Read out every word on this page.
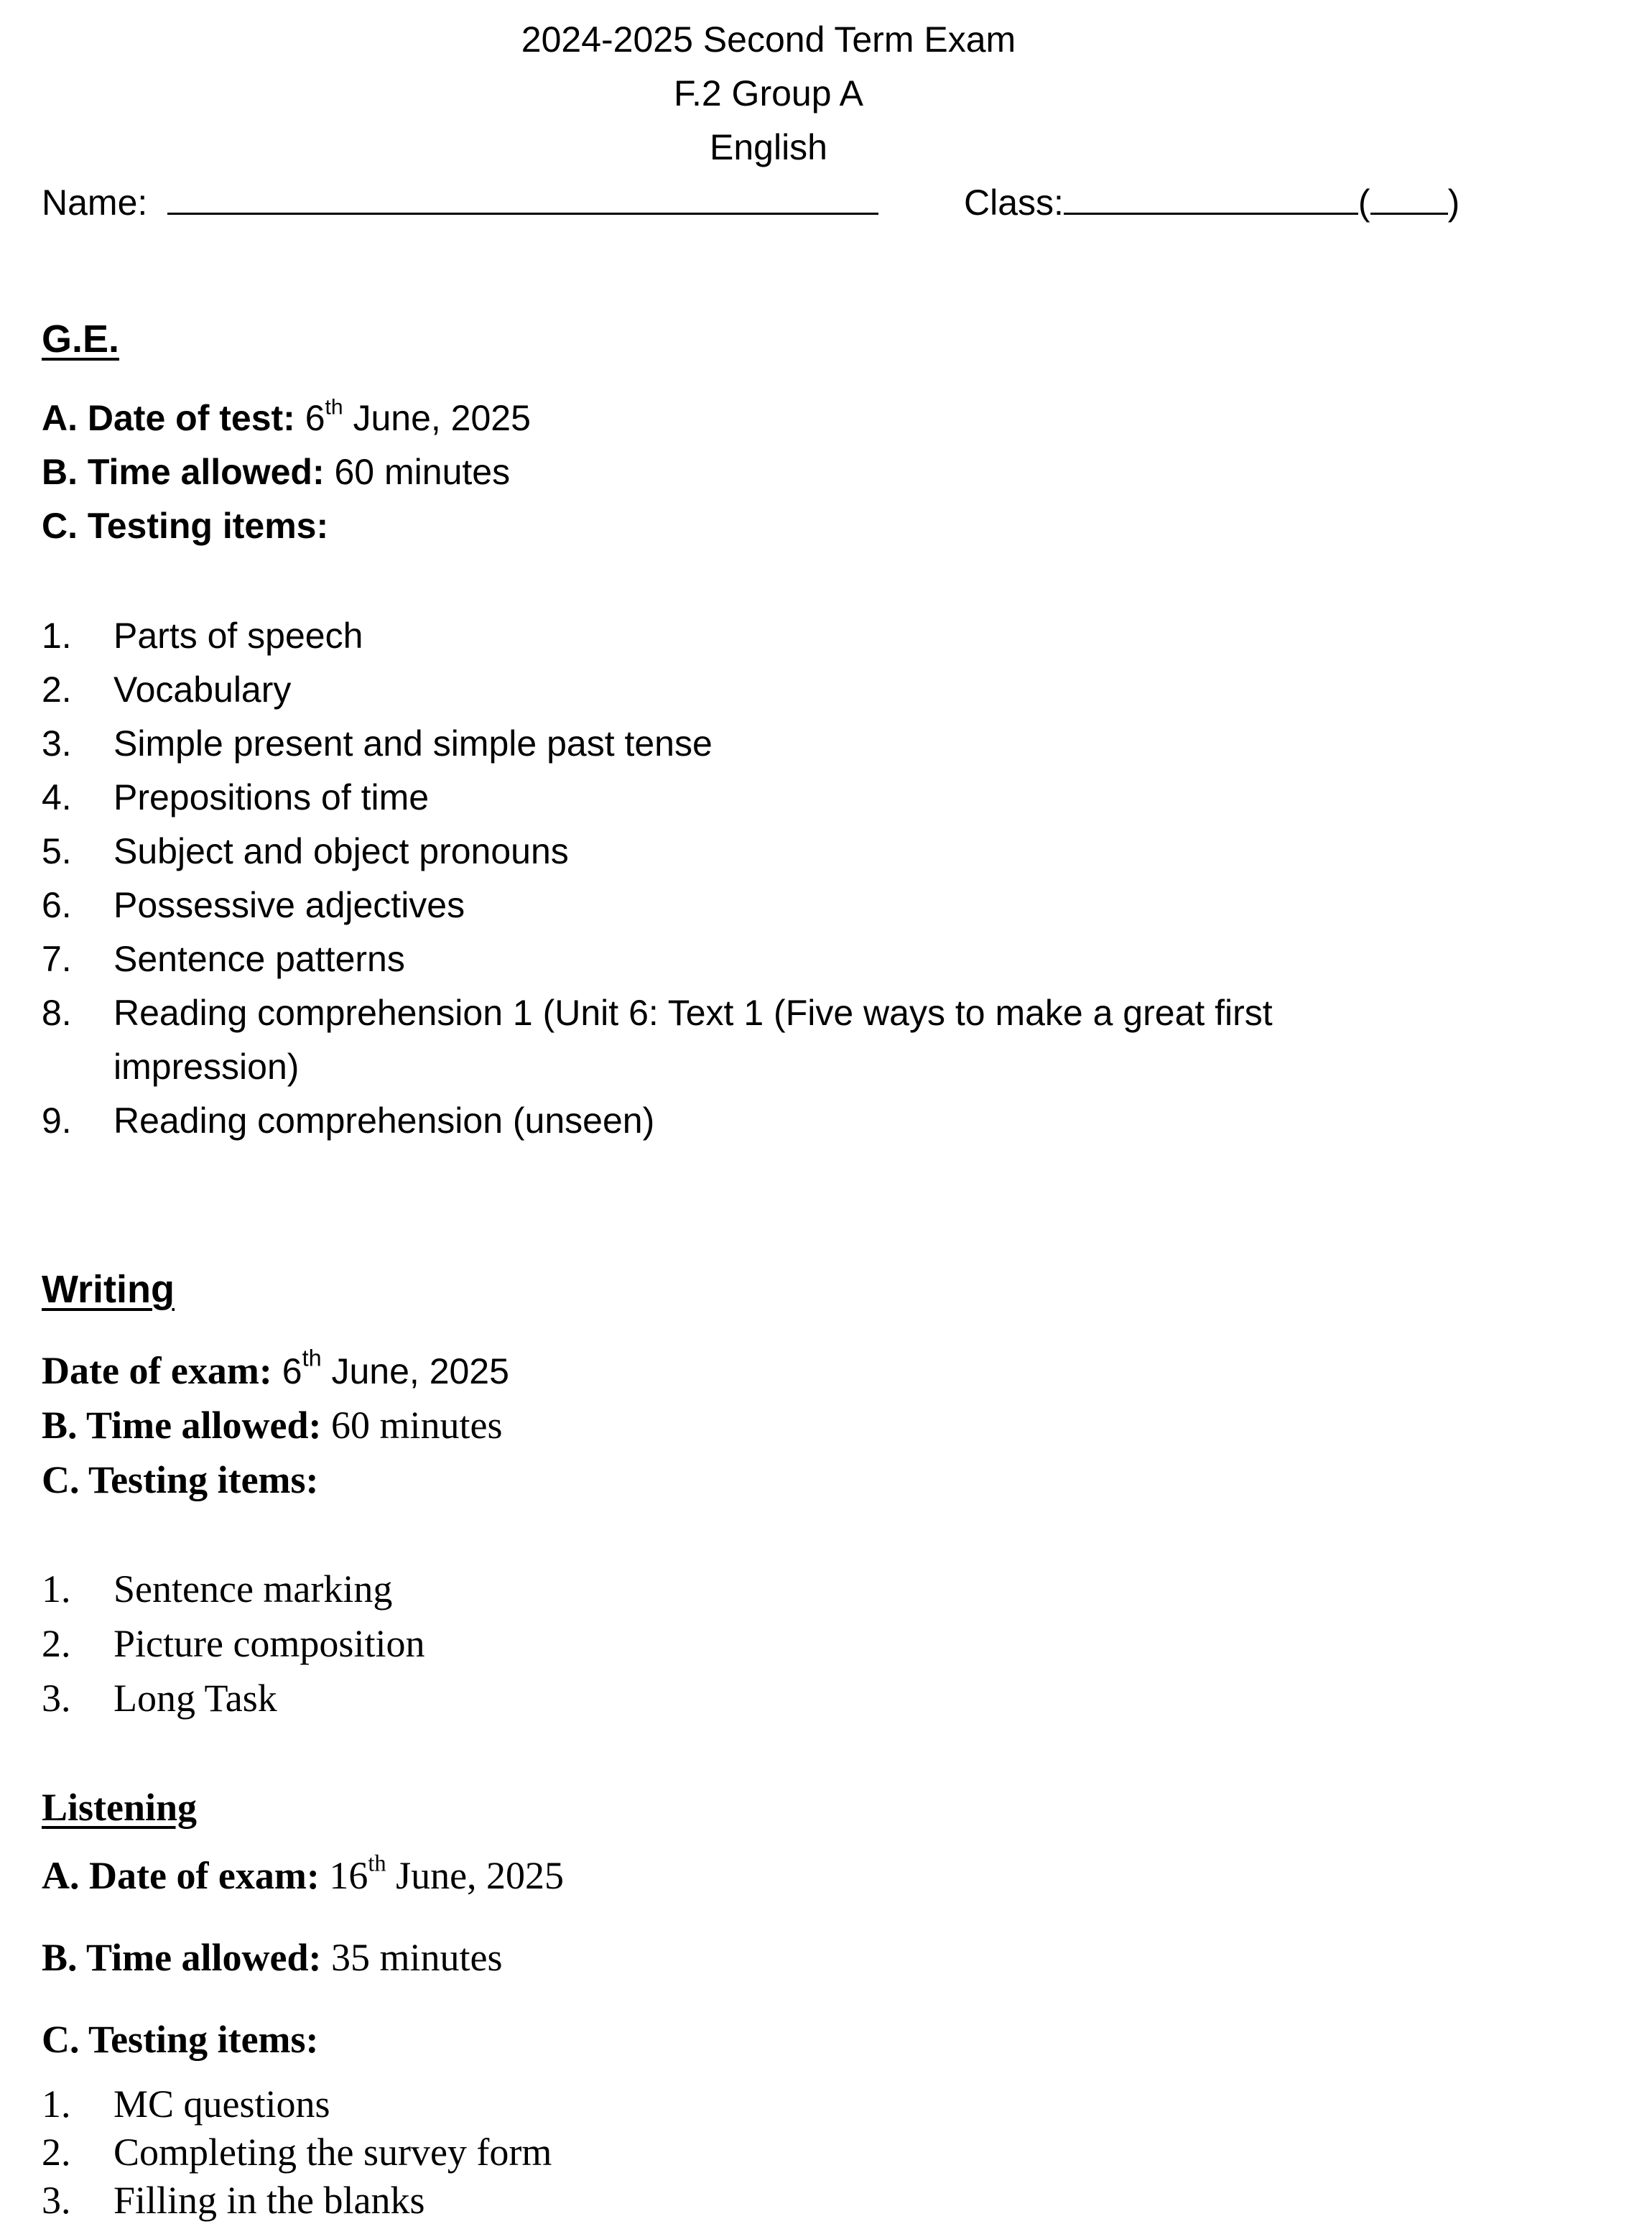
2024-2025 Second Term Exam
F.2 Group A
English
Name:	Class:	( )
G.E.
A. Date of test: 6th June, 2025
B. Time allowed: 60 minutes
C. Testing items:
1.	Parts of speech
2.	Vocabulary
3.	Simple present and simple past tense
4.	Prepositions of time
5.	Subject and object pronouns
6.	Possessive adjectives
7.	Sentence patterns
8.	Reading comprehension 1 (Unit 6: Text 1 (Five ways to make a great first impression)
9.	Reading comprehension (unseen)
Writing
Date of exam: 6th June, 2025
B. Time allowed: 60 minutes
C. Testing items:
1.	Sentence marking
2.	Picture composition
3.	Long Task
Listening
A. Date of exam: 16th June, 2025
B. Time allowed: 35 minutes
C. Testing items:
1.	MC questions
2.	Completing the survey form
3.	Filling in the blanks
